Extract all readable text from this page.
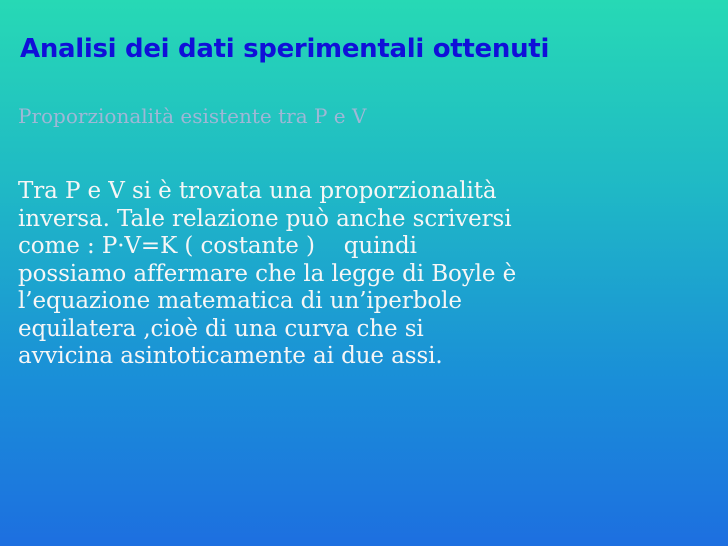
Analisi dei dati sperimentali ottenuti

Proporzionalità esistente tra P e V

Tra P e V si è trovata una proporzionalità
inversa. Tale relazione può anche scriversi
come : P·V=K ( costante )    quindi
possiamo affermare che la legge di Boyle è
l’equazione matematica di un’iperbole
equilatera ,cioè di una curva che si
avvicina asintoticamente ai due assi.
